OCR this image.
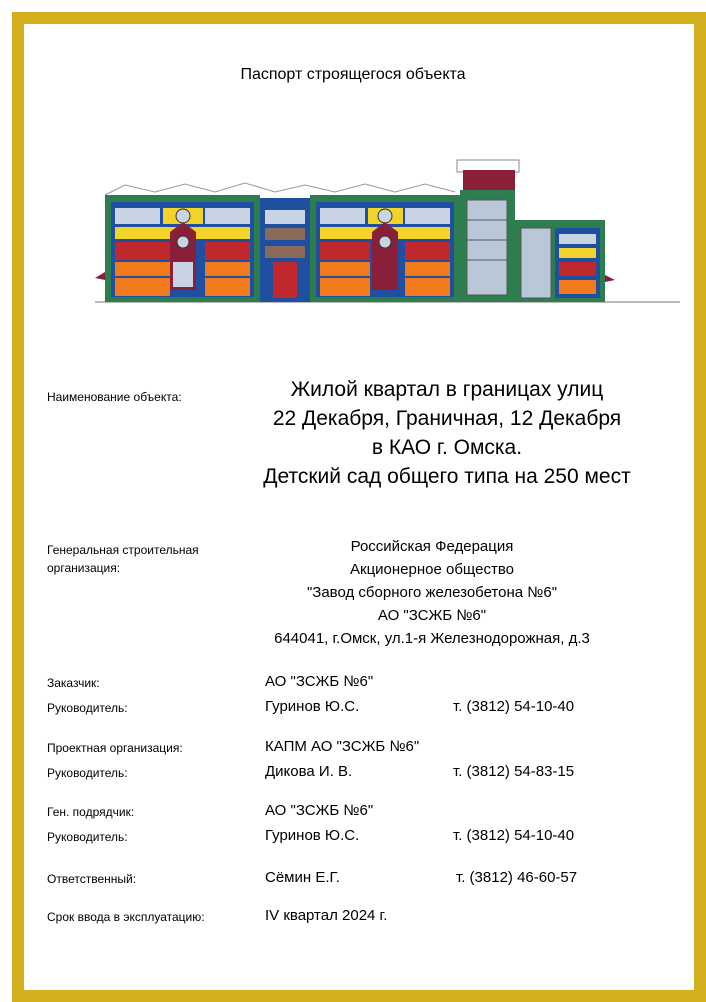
Паспорт строящегося объекта
Наименование объекта:	Жилой квартал в границах улиц
22 Декабря, Граничная, 12 Декабря
в КАО г. Омска.
Детский сад общего типа на 250 мест
Генеральная строительная
организация:
Российская Федерация
Акционерное общество
"Завод сборного железобетона №6"
АО "ЗСЖБ №6"
644041, г.Омск, ул.1-я Железнодорожная, д.3
Заказчик:	АО "ЗСЖБ №6"
Руководитель:	Гуринов Ю.С.	т. (3812) 54-10-40
Проектная организация:	КАПМ АО "ЗСЖБ №6"
Руководитель:	Дикова И. В.	т. (3812) 54-83-15
Ген. подрядчик:	АО "ЗСЖБ №6"
Руководитель:	Гуринов Ю.С.	т. (3812) 54-10-40
Ответственный:	Сёмин Е.Г.	т. (3812) 46-60-57
Срок ввода в эксплуатацию:	IV квартал 2024 г.
